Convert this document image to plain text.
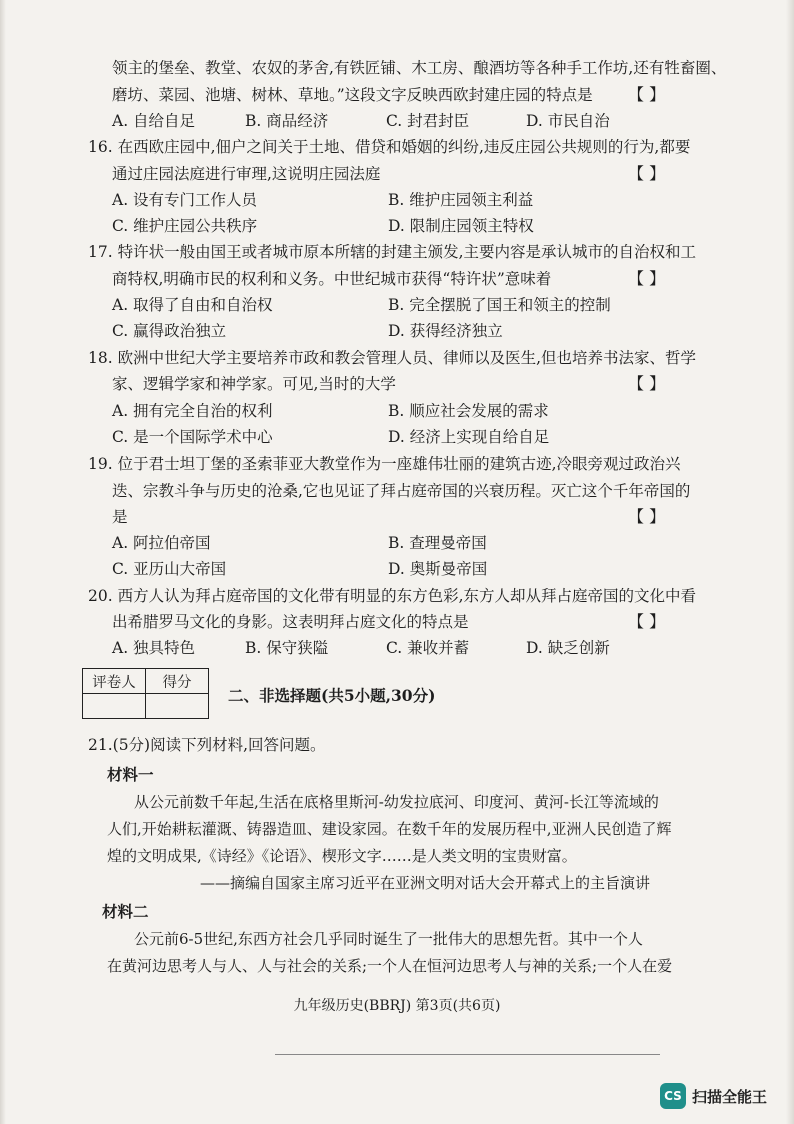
领主的堡垒、教堂、农奴的茅舍,有铁匠铺、木工房、酿酒坊等各种手工作坊,还有牲畜圈、
磨坊、菜园、池塘、树林、草地。”这段文字反映西欧封建庄园的特点是 【 】
A. 自给自足	B. 商品经济	C. 封君封臣	D. 市民自治
16. 在西欧庄园中,佃户之间关于土地、借贷和婚姻的纠纷,违反庄园公共规则的行为,都要
通过庄园法庭进行审理,这说明庄园法庭	【 】
A. 设有专门工作人员	B. 维护庄园领主利益
C. 维护庄园公共秩序	D. 限制庄园领主特权
17. 特许状一般由国王或者城市原本所辖的封建主颁发,主要内容是承认城市的自治权和工
商特权,明确市民的权利和义务。中世纪城市获得“特许状”意味着	【 】
A. 取得了自由和自治权	B. 完全摆脱了国王和领主的控制
C. 赢得政治独立	D. 获得经济独立
18. 欧洲中世纪大学主要培养市政和教会管理人员、律师以及医生,但也培养书法家、哲学
家、逻辑学家和神学家。可见,当时的大学	【 】
A. 拥有完全自治的权利	B. 顺应社会发展的需求
C. 是一个国际学术中心	D. 经济上实现自给自足
19. 位于君士坦丁堡的圣索菲亚大教堂作为一座雄伟壮丽的建筑古迹,冷眼旁观过政治兴
迭、宗教斗争与历史的沧桑,它也见证了拜占庭帝国的兴衰历程。灭亡这个千年帝国的
是	【 】
A. 阿拉伯帝国	B. 查理曼帝国
C. 亚历山大帝国	D. 奥斯曼帝国
20. 西方人认为拜占庭帝国的文化带有明显的东方色彩,东方人却从拜占庭帝国的文化中看
出希腊罗马文化的身影。这表明拜占庭文化的特点是	【 】
A. 独具特色	B. 保守狭隘	C. 兼收并蓄	D. 缺乏创新
评卷人	得分

二、非选择题(共5小题,30分)
21.(5分)阅读下列材料,回答问题。
材料一
从公元前数千年起,生活在底格里斯河-幼发拉底河、印度河、黄河-长江等流域的
人们,开始耕耘灌溉、铸器造皿、建设家园。在数千年的发展历程中,亚洲人民创造了辉
煌的文明成果,《诗经》《论语》、楔形文字……是人类文明的宝贵财富。
——摘编自国家主席习近平在亚洲文明对话大会开幕式上的主旨演讲
材料二
公元前6-5世纪,东西方社会几乎同时诞生了一批伟大的思想先哲。其中一个人
在黄河边思考人与人、人与社会的关系;一个人在恒河边思考人与神的关系;一个人在爱
九年级历史(BBRJ) 第3页(共6页)
CS 扫描全能王
